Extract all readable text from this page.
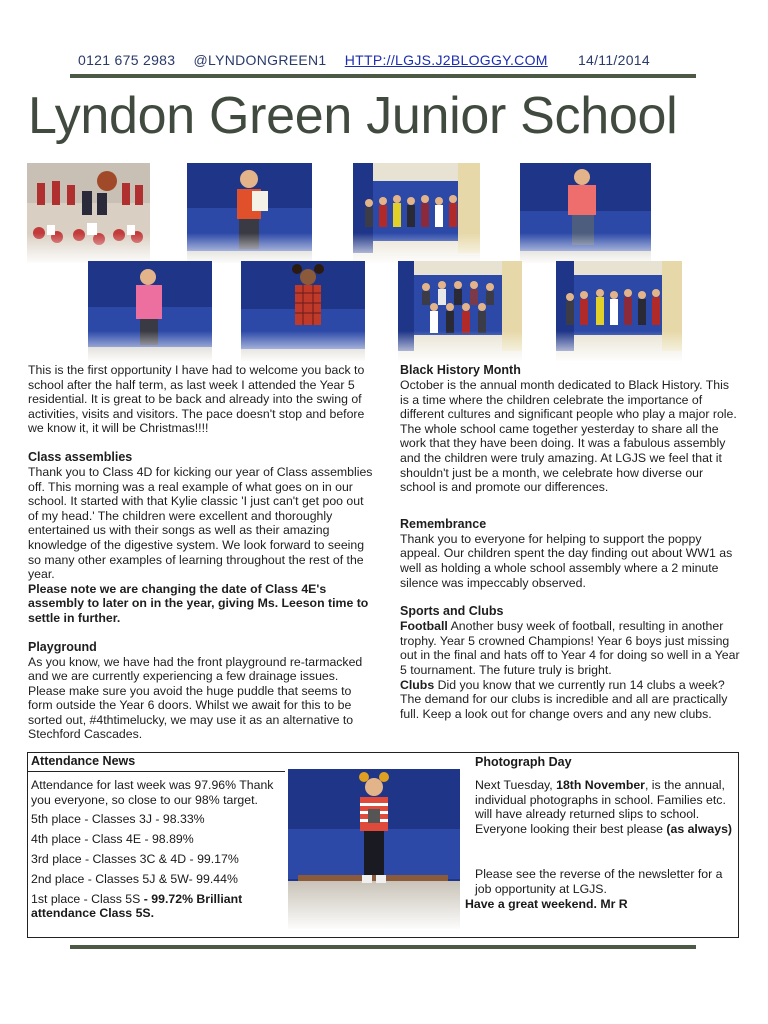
0121 675 2983 @LYNDONGREEN1 HTTP://LGJS.J2BLOGGY.COM 14/11/2014
Lyndon Green Junior School

This is the first opportunity I have had to welcome you back to school after the half term, as last week I attended the Year 5 residential. It is great to be back and already into the swing of activities, visits and visitors. The pace doesn't stop and before we know it, it will be Christmas!!!!

Class assemblies
Thank you to Class 4D for kicking our year of Class assemblies off. This morning was a real example of what goes on in our school. It started with that Kylie classic 'I just can't get poo out of my head.' The children were excellent and thoroughly entertained us with their songs as well as their amazing knowledge of the digestive system. We look forward to seeing so many other examples of learning throughout the rest of the year.

Please note we are changing the date of Class 4E's assembly to later on in the year, giving Ms. Leeson time to settle in further.

Playground
As you know, we have had the front playground re-tarmacked and we are currently experiencing a few drainage issues. Please make sure you avoid the huge puddle that seems to form outside the Year 6 doors. Whilst we await for this to be sorted out, #4thtimelucky, we may use it as an alternative to Stechford Cascades.
Black History Month

October is the annual month dedicated to Black History. This is a time where the children celebrate the importance of different cultures and significant people who play a major role. The whole school came together yesterday to share all the work that they have been doing. It was a fabulous assembly and the children were truly amazing. At LGJS we feel that it shouldn't just be a month, we celebrate how diverse our school is and promote our differences.

Remembrance

Thank you to everyone for helping to support the poppy appeal. Our children spent the day finding out about WW1 as well as holding a whole school assembly where a 2 minute silence was impeccably observed.

Sports and Clubs
Football Another busy week of football, resulting in another trophy. Year 5 crowned Champions! Year 6 boys just missing out in the final and hats off to Year 4 for doing so well in a Year 5 tournament. The future truly is bright.
Clubs Did you know that we currently run 14 clubs a week? The demand for our clubs is incredible and all are practically full. Keep a look out for change overs and any new clubs.
Attendance News
Attendance for last week was 97.96% Thank you everyone, so close to our 98% target.
5th place - Classes 3J - 98.33%
4th place - Class 4E - 98.89%
3rd place - Classes 3C & 4D - 99.17%
2nd place - Classes 5J & 5W- 99.44%
1st place - Class 5S - 99.72% Brilliant attendance Class 5S.
Photograph Day
Next Tuesday, 18th November, is the annual, individual photographs in school. Families etc. will have already returned slips to school. Everyone looking their best please (as always)
Please see the reverse of the newsletter for a job opportunity at LGJS.
Have a great weekend. Mr R
